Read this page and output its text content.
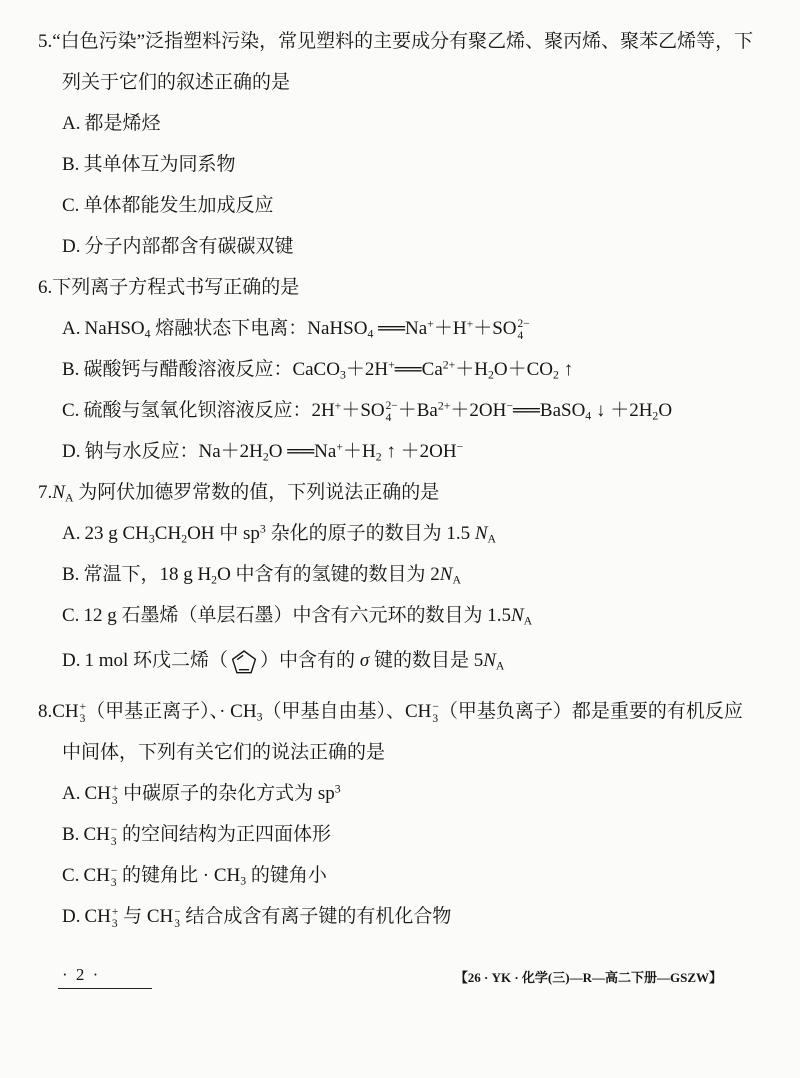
5.“白色污染”泛指塑料污染，常见塑料的主要成分有聚乙烯、聚丙烯、聚苯乙烯等，下
列关于它们的叙述正确的是
A. 都是烯烃
B. 其单体互为同系物
C. 单体都能发生加成反应
D. 分子内部都含有碳碳双键
6.下列离子方程式书写正确的是
A. NaHSO$_4$ 熔融状态下电离：NaHSO$_4$ ══Na+＋H+＋SO 2−
4
B. 碳酸钙与醋酸溶液反应：$CaCO_3+2H^+══Ca^{2+}+H_2O+CO_2$ ↑
C. 硫酸与氢氧化钡溶液反应：2H+＋SO 2−
$4 +Ba^{2+}+2OH^-══BaSO_4$ ↓ $+2H_2O$
D. 钠与水反应：$Na+2H_2O$ $══Na^++H_2$ ↑ ＋2OH−
$7.N_A$ 为阿伏加德罗常数的值，下列说法正确的是
A. 23 g $CH_3CH_2OH$ 中 $sp^3$ 杂化的原子的数目为 1.5 $N_A$
B. 常温下，18 g $H_2O$ 中含有的氢键的数目为 $2N_A$
C. 12 g 石墨烯（单层石墨）中含有六元环的数目为 $1.5N_A$
D. 1 mol 环戊二烯（ ）中含有的 σ 键的数目是 $5N_A$
8.CH +
3 （甲基正离子）、· $CH_3$（甲基自由基）、CH −
3 （甲基负离子）都是重要的有机反应
中间体，下列有关它们的说法正确的是
A. CH +
3 中碳原子的杂化方式为 $sp^3$
B. CH −
3 的空间结构为正四面体形
C. CH −
3 的键角比 · $CH_3$ 的键角小
D. CH +
3 与 CH −
3 结合成含有离子键的有机化合物
· 2 ·	【26 · YK · 化学(三)—R—高二下册—GSZW】
